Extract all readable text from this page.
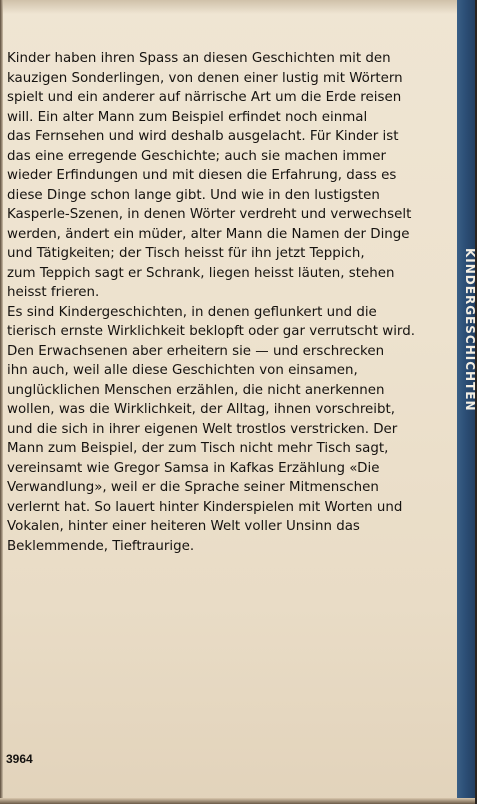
Kinder haben ihren Spass an diesen Geschichten mit den
kauzigen Sonderlingen, von denen einer lustig mit Wörtern
spielt und ein anderer auf närrische Art um die Erde reisen
will. Ein alter Mann zum Beispiel erfindet noch einmal
das Fernsehen und wird deshalb ausgelacht. Für Kinder ist
das eine erregende Geschichte; auch sie machen immer
wieder Erfindungen und mit diesen die Erfahrung, dass es
diese Dinge schon lange gibt. Und wie in den lustigsten
Kasperle-Szenen, in denen Wörter verdreht und verwechselt
werden, ändert ein müder, alter Mann die Namen der Dinge
und Tätigkeiten; der Tisch heisst für ihn jetzt Teppich,
zum Teppich sagt er Schrank, liegen heisst läuten, stehen
heisst frieren.
Es sind Kindergeschichten, in denen geflunkert und die
tierisch ernste Wirklichkeit beklopft oder gar verrutscht wird.
Den Erwachsenen aber erheitern sie — und erschrecken
ihn auch, weil alle diese Geschichten von einsamen,
unglücklichen Menschen erzählen, die nicht anerkennen
wollen, was die Wirklichkeit, der Alltag, ihnen vorschreibt,
und die sich in ihrer eigenen Welt trostlos verstricken. Der
Mann zum Beispiel, der zum Tisch nicht mehr Tisch sagt,
vereinsamt wie Gregor Samsa in Kafkas Erzählung «Die
Verwandlung», weil er die Sprache seiner Mitmenschen
verlernt hat. So lauert hinter Kinderspielen mit Worten und
Vokalen, hinter einer heiteren Welt voller Unsinn das
Beklemmende, Tieftraurige.
3964
KINDERGESCHICHTEN
